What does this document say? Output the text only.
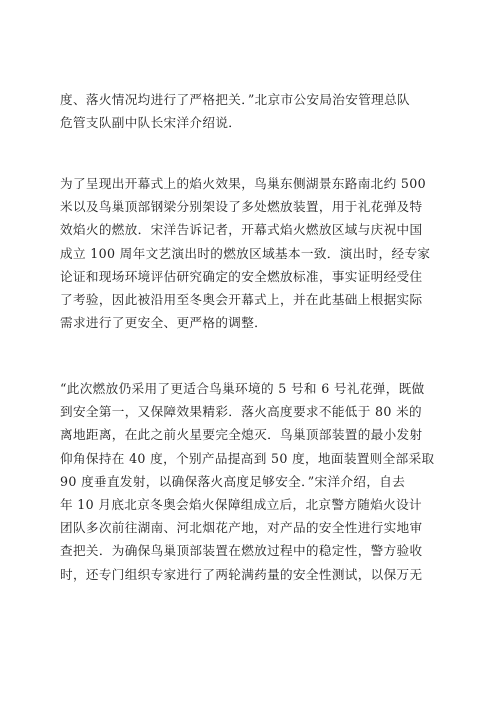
度、落火情况均进行了严格把关．”北京市公安局治安管理总队
危管支队副中队长宋洋介绍说．
为了呈现出开幕式上的焰火效果，鸟巢东侧湖景东路南北约 500
米以及鸟巢顶部钢梁分别架设了多处燃放装置，用于礼花弹及特
效焰火的燃放．宋洋告诉记者，开幕式焰火燃放区域与庆祝中国
成立 100 周年文艺演出时的燃放区域基本一致．演出时，经专家
论证和现场环境评估研究确定的安全燃放标准，事实证明经受住
了考验，因此被沿用至冬奥会开幕式上，并在此基础上根据实际
需求进行了更安全、更严格的调整．
“此次燃放仍采用了更适合鸟巢环境的 5 号和 6 号礼花弹，既做
到安全第一，又保障效果精彩．落火高度要求不能低于 80 米的
离地距离，在此之前火星要完全熄灭．鸟巢顶部装置的最小发射
仰角保持在 40 度，个别产品提高到 50 度，地面装置则全部采取
90 度垂直发射，以确保落火高度足够安全．”宋洋介绍，自去
年 10 月底北京冬奥会焰火保障组成立后，北京警方随焰火设计
团队多次前往湖南、河北烟花产地，对产品的安全性进行实地审
查把关．为确保鸟巢顶部装置在燃放过程中的稳定性，警方验收
时，还专门组织专家进行了两轮满药量的安全性测试，以保万无
